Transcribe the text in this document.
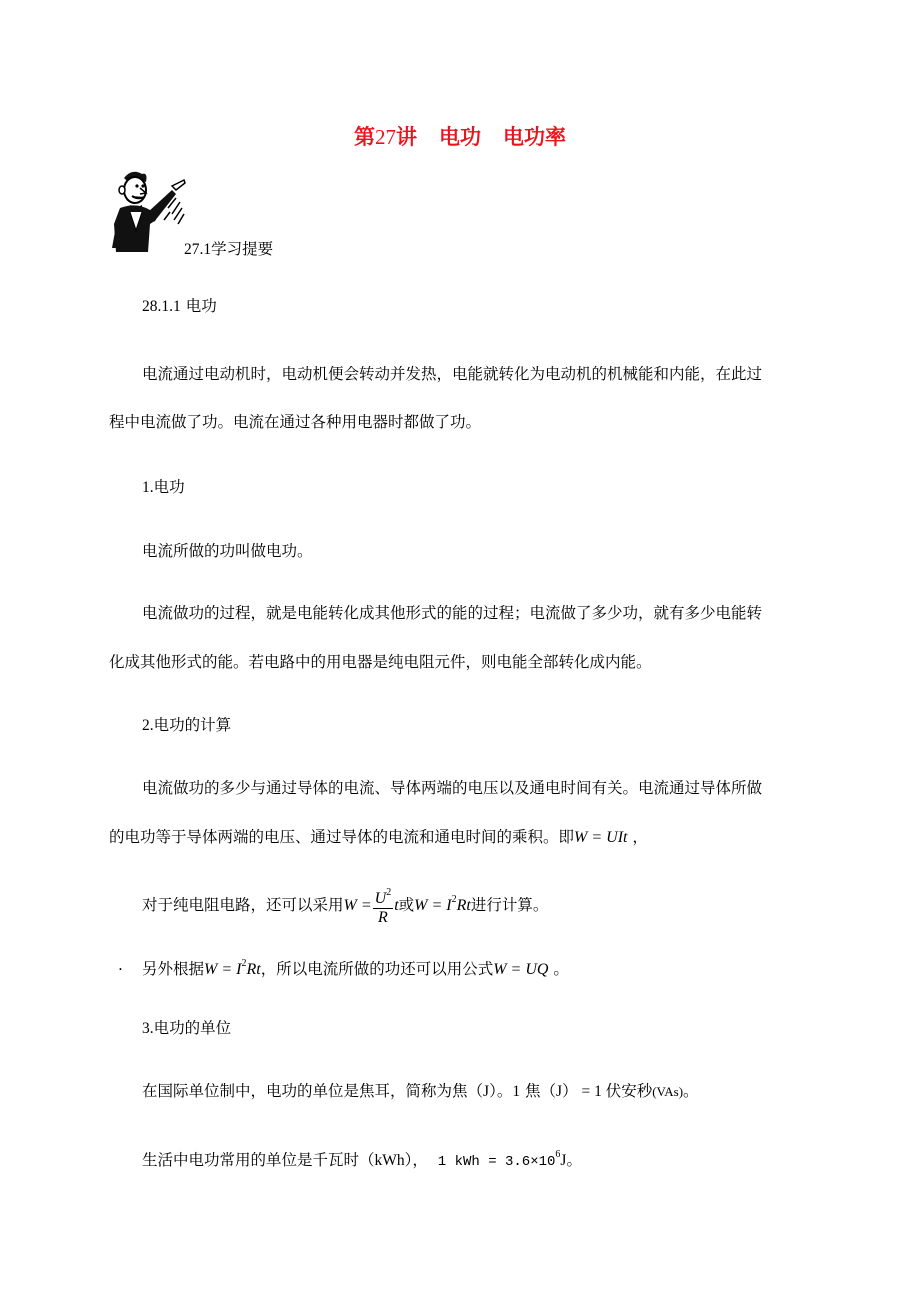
第27讲 电功 电功率
27.1学习提要
28.1.1 电功
电流通过电动机时，电动机便会转动并发热，电能就转化为电动机的机械能和内能，在此过
程中电流做了功。电流在通过各种用电器时都做了功。
1.电功
电流所做的功叫做电功。
电流做功的过程，就是电能转化成其他形式的能的过程；电流做了多少功，就有多少电能转
化成其他形式的能。若电路中的用电器是纯电阻元件，则电能全部转化成内能。
2.电功的计算
电流做功的多少与通过导体的电流、导体两端的电压以及通电时间有关。电流通过导体所做
的电功等于导体两端的电压、通过导体的电流和通电时间的乘积。即W = UIt ，
对于纯电阻电路，还可以采用$W = \frac{U^2}{R}$ t或$W = I^2Rt$进行计算。
. 另外根据$W = I^2Rt$，所以电流所做的功还可以用公式W = UQ 。
3.电功的单位
在国际单位制中，电功的单位是焦耳，简称为焦（J）。1 焦（J） = 1 伏安秒(VAs)。
生活中电功常用的单位是千瓦时（kWh）， 1 kWh = $3.6\times 10^6J$。
